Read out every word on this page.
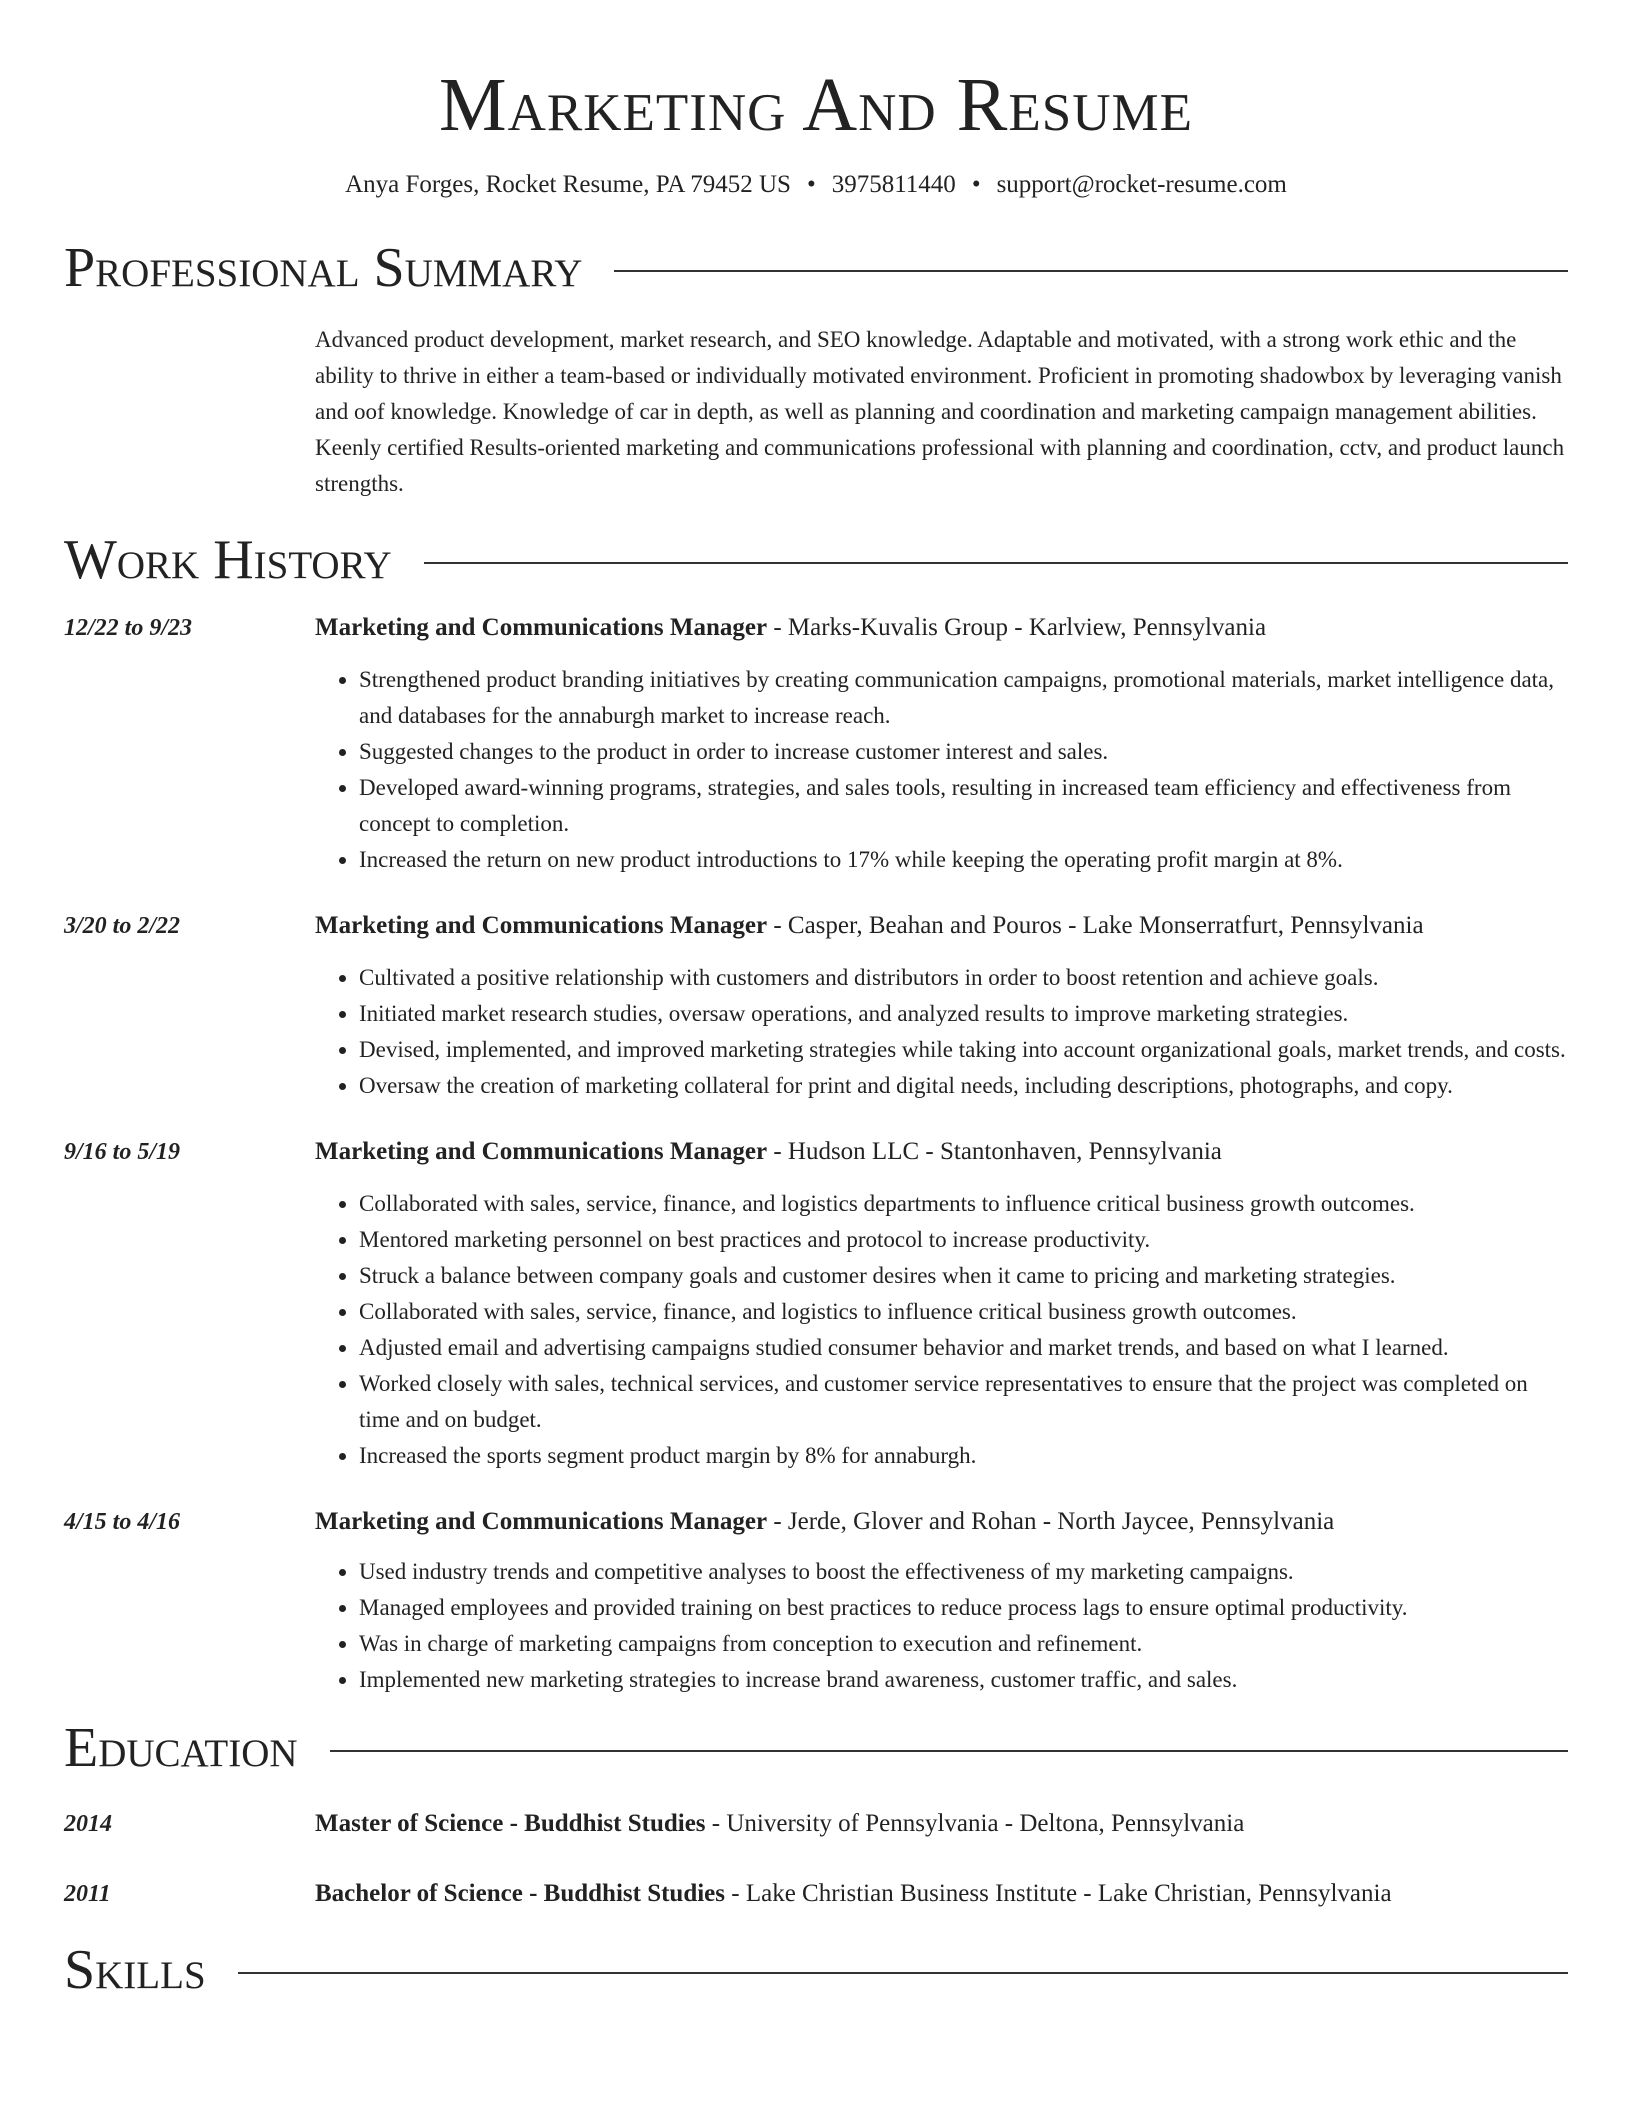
Marketing And Resume
Anya Forges, Rocket Resume, PA 79452 US • 3975811440 • support@rocket-resume.com
Professional Summary
Advanced product development, market research, and SEO knowledge. Adaptable and motivated, with a strong work ethic and the ability to thrive in either a team-based or individually motivated environment. Proficient in promoting shadowbox by leveraging vanish and oof knowledge. Knowledge of car in depth, as well as planning and coordination and marketing campaign management abilities. Keenly certified Results-oriented marketing and communications professional with planning and coordination, cctv, and product launch strengths.
Work History
12/22 to 9/23	Marketing and Communications Manager - Marks-Kuvalis Group - Karlview, Pennsylvania
• Strengthened product branding initiatives by creating communication campaigns, promotional materials, market intelligence data, and databases for the annaburgh market to increase reach.
• Suggested changes to the product in order to increase customer interest and sales.
• Developed award-winning programs, strategies, and sales tools, resulting in increased team efficiency and effectiveness from concept to completion.
• Increased the return on new product introductions to 17% while keeping the operating profit margin at 8%.
3/20 to 2/22	Marketing and Communications Manager - Casper, Beahan and Pouros - Lake Monserratfurt, Pennsylvania
• Cultivated a positive relationship with customers and distributors in order to boost retention and achieve goals.
• Initiated market research studies, oversaw operations, and analyzed results to improve marketing strategies.
• Devised, implemented, and improved marketing strategies while taking into account organizational goals, market trends, and costs.
• Oversaw the creation of marketing collateral for print and digital needs, including descriptions, photographs, and copy.
9/16 to 5/19	Marketing and Communications Manager - Hudson LLC - Stantonhaven, Pennsylvania
• Collaborated with sales, service, finance, and logistics departments to influence critical business growth outcomes.
• Mentored marketing personnel on best practices and protocol to increase productivity.
• Struck a balance between company goals and customer desires when it came to pricing and marketing strategies.
• Collaborated with sales, service, finance, and logistics to influence critical business growth outcomes.
• Adjusted email and advertising campaigns studied consumer behavior and market trends, and based on what I learned.
• Worked closely with sales, technical services, and customer service representatives to ensure that the project was completed on time and on budget.
• Increased the sports segment product margin by 8% for annaburgh.
4/15 to 4/16	Marketing and Communications Manager - Jerde, Glover and Rohan - North Jaycee, Pennsylvania
• Used industry trends and competitive analyses to boost the effectiveness of my marketing campaigns.
• Managed employees and provided training on best practices to reduce process lags to ensure optimal productivity.
• Was in charge of marketing campaigns from conception to execution and refinement.
• Implemented new marketing strategies to increase brand awareness, customer traffic, and sales.
Education
2014	Master of Science - Buddhist Studies - University of Pennsylvania - Deltona, Pennsylvania
2011	Bachelor of Science - Buddhist Studies - Lake Christian Business Institute - Lake Christian, Pennsylvania
Skills
